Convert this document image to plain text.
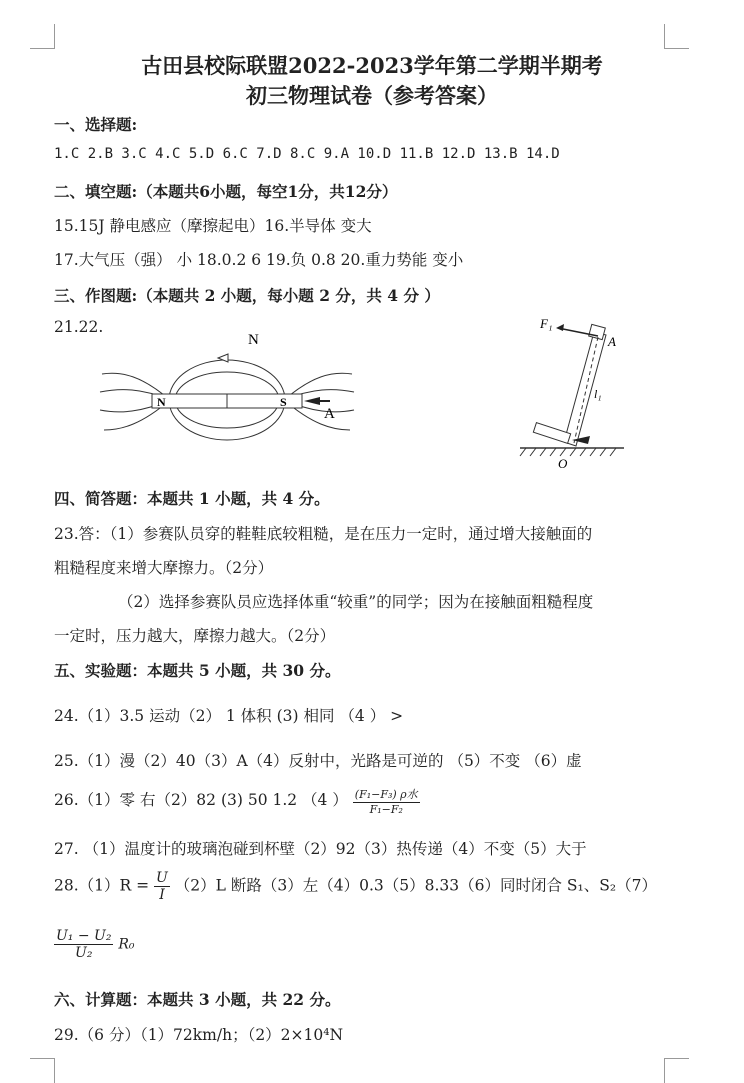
古田县校际联盟2022-2023学年第二学期半期考
初三物理试卷（参考答案）
一、选择题:
1.C 2.B 3.C 4.C 5.D 6.C 7.D 8.C 9.A 10.D 11.B 12.D 13.B 14.D
二、填空题:（本题共6小题，每空1分，共12分）
15.15J 静电感应（摩擦起电）16.半导体 变大
17.大气压（强） 小 18.0.2 6 19.负 0.8 20.重力势能 变小
三、作图题:（本题共 2 小题，每小题 2 分，共 4 分 ）
21.22.
N
N	S
A
F₁
A
l₁
O
四、简答题：本题共 1 小题，共 4 分。
23.答：（1）参赛队员穿的鞋鞋底较粗糙，是在压力一定时，通过增大接触面的
粗糙程度来增大摩擦力。（2分）
（2）选择参赛队员应选择体重“较重”的同学；因为在接触面粗糙程度
一定时，压力越大，摩擦力越大。（2分）
五、实验题：本题共 5 小题，共 30 分。
24.（1）3.5 运动（2） 1 体积 (3) 相同 （4 ） >
25.（1）漫（2）40（3）A（4）反射中，光路是可逆的 （5）不变 （6）虚
26.（1）零 右（2）82 (3) 50 1.2 （4 ） $\frac{\text{(F₁−F₃) ρ水}}{\text{F₁−F₂}}$
27. （1）温度计的玻璃泡碰到杯壁（2）92（3）热传递（4）不变（5）大于
$28.(1)R = \frac{U}{I} (2)L$ 断路（3）左（4）0.3（5）8.33（6）同时闭合 S₁、S₂（7）
$\frac{\text{U₁ − U₂}}{\text{U₂}} R_0$
六、计算题：本题共 3 小题，共 22 分。
29.（6 分）（1）72km/h；（2）2×10⁴N
